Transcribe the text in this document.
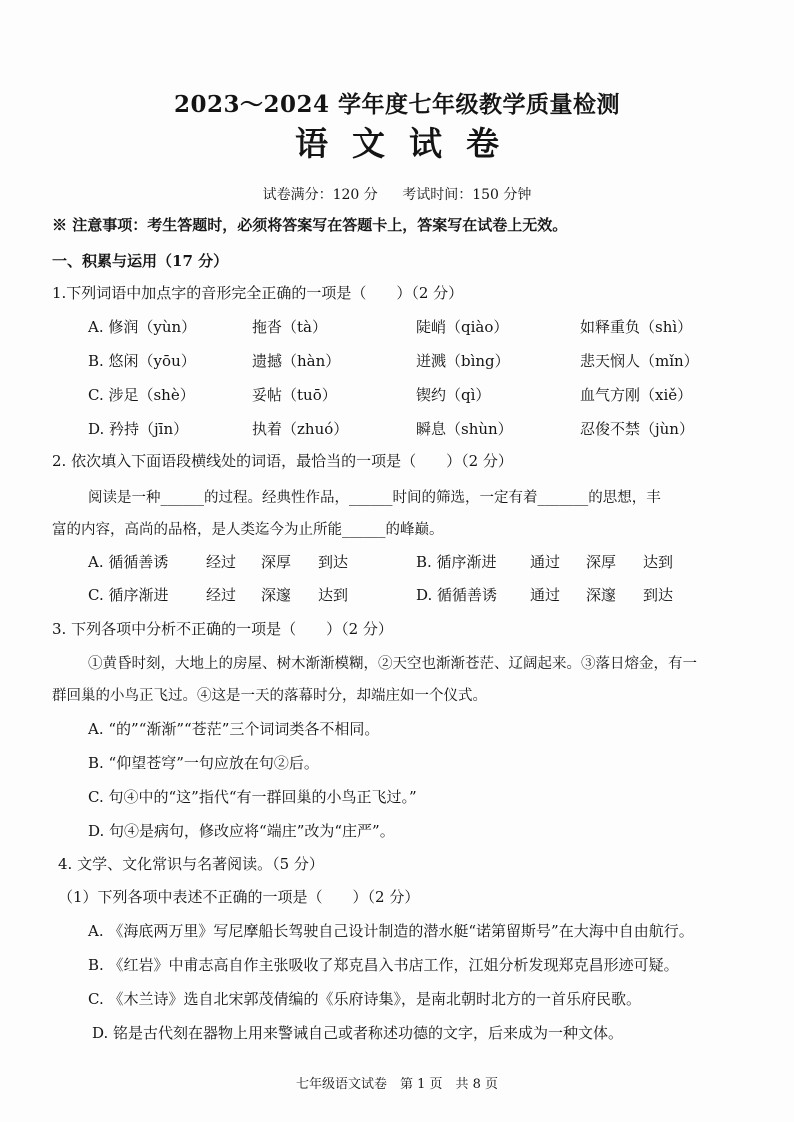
2023～2024 学年度七年级教学质量检测
语文试卷
试卷满分：120 分 考试时间：150 分钟
※ 注意事项：考生答题时，必须将答案写在答题卡上，答案写在试卷上无效。
一、积累与运用（17 分）
1.下列词语中加点字的音形完全正确的一项是（　　）（2 分）
A. 修润（yùn）	拖沓（tà）	陡峭（qiào）	如释重负（shì）
B. 悠闲（yōu）	遗撼（hàn）	迸溅（bìng）	悲天悯人（mǐn）
C. 涉足（shè）	妥帖（tuō）	锲约（qì）	血气方刚（xiě）
D. 矜持（jīn）	执着（zhuó）	瞬息（shùn）	忍俊不禁（jùn）
2. 依次填入下面语段横线处的词语，最恰当的一项是（　　）（2 分）
阅读是一种______的过程。经典性作品，______时间的筛选，一定有着_______的思想，丰
富的内容，高尚的品格，是人类迄今为止所能______的峰巅。
A. 循循善诱	经过 深厚 到达	B. 循序渐进 通过 深厚 达到
C. 循序渐进	经过 深邃 达到	D. 循循善诱 通过 深邃 到达
3. 下列各项中分析不正确的一项是（　　）（2 分）
①黄昏时刻，大地上的房屋、树木渐渐模糊，②天空也渐渐苍茫、辽阔起来。③落日熔金，有一
群回巢的小鸟正飞过。④这是一天的落幕时分，却端庄如一个仪式。
A. “的”“渐渐”“苍茫”三个词词类各不相同。
B. “仰望苍穹”一句应放在句②后。
C. 句④中的“这”指代“有一群回巢的小鸟正飞过。”
D. 句④是病句，修改应将“端庄”改为“庄严”。
4. 文学、文化常识与名著阅读。（5 分）
（1）下列各项中表述不正确的一项是（　　）（2 分）
A. 《海底两万里》写尼摩船长驾驶自己设计制造的潜水艇“诺第留斯号”在大海中自由航行。
B. 《红岩》中甫志高自作主张吸收了郑克昌入书店工作，江姐分析发现郑克昌形迹可疑。
C. 《木兰诗》选自北宋郭茂倩编的《乐府诗集》，是南北朝时北方的一首乐府民歌。
D. 铭是古代刻在器物上用来警诫自己或者称述功德的文字，后来成为一种文体。
七年级语文试卷　第 1 页　共 8 页
